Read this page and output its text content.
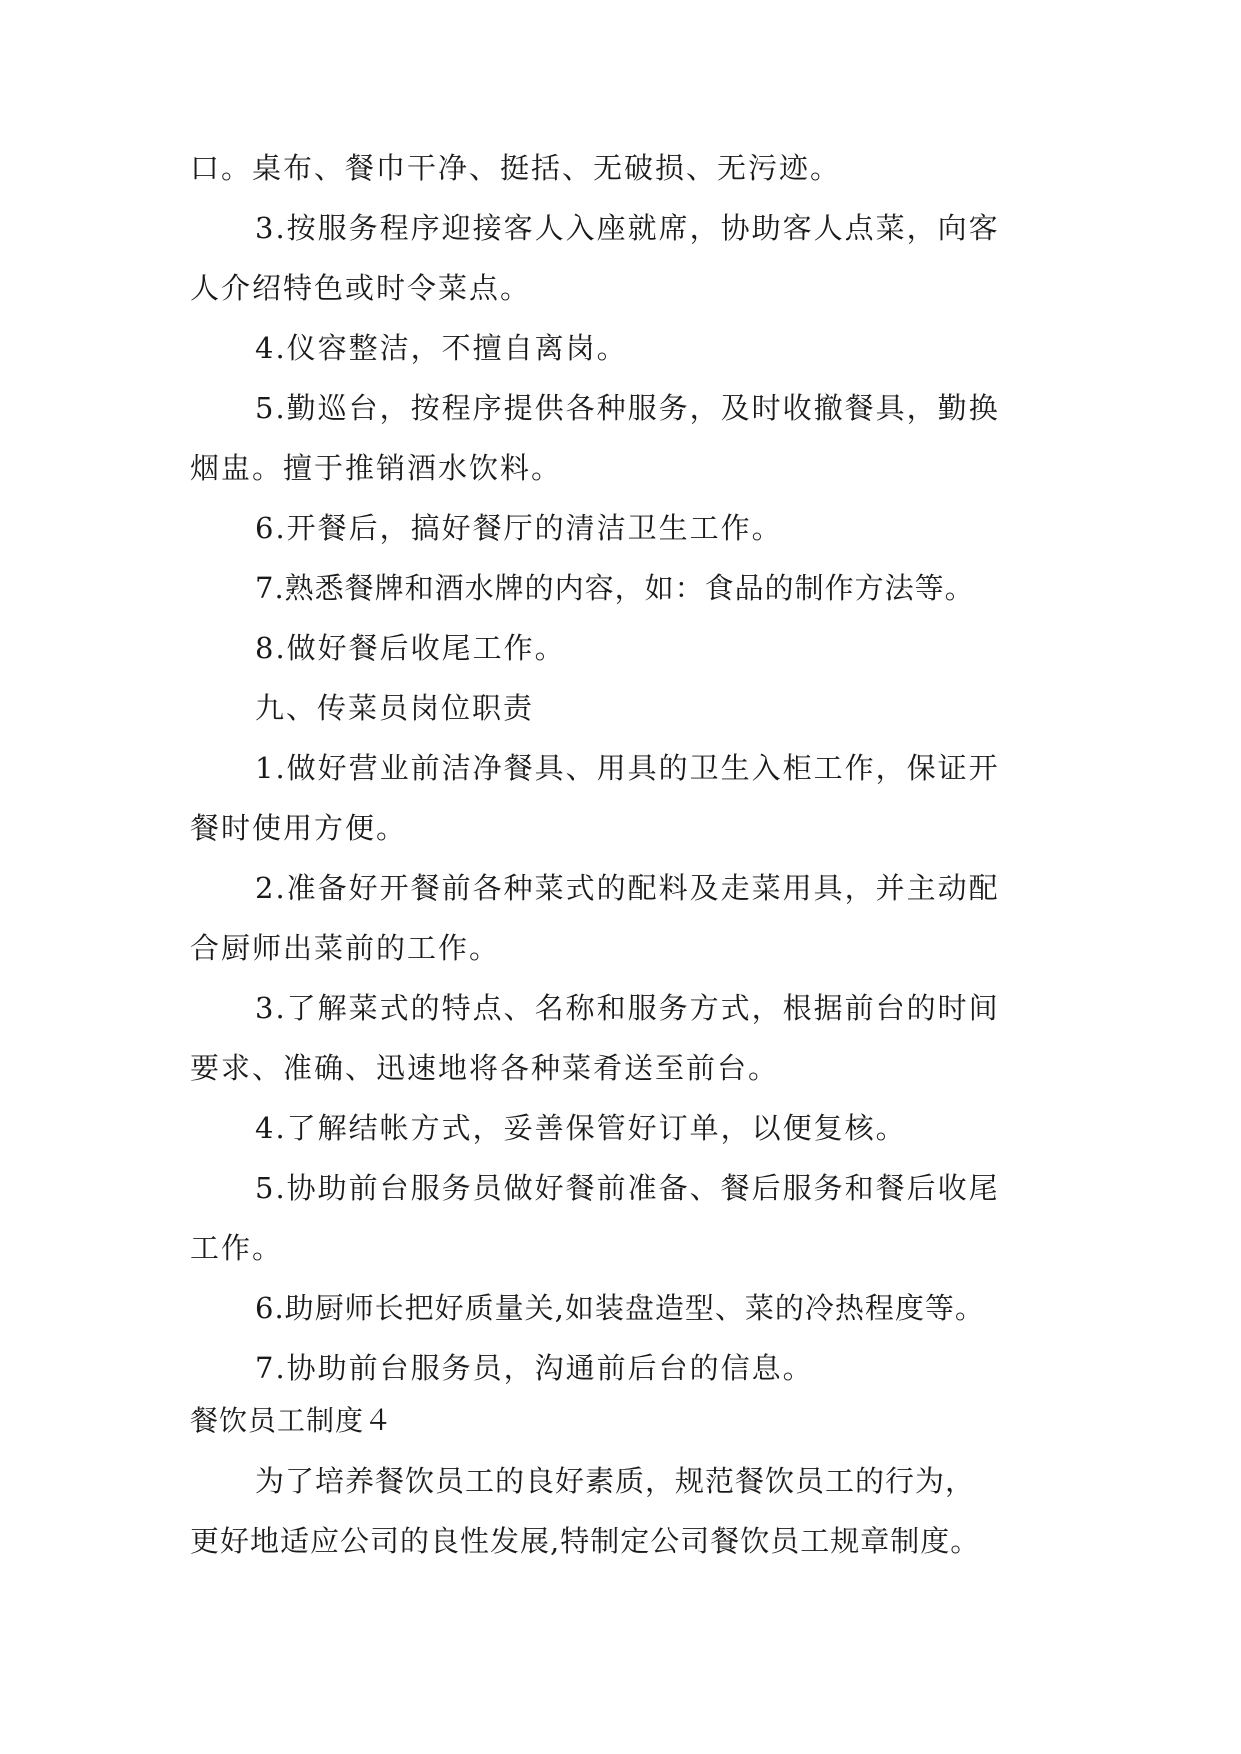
口。桌布、餐巾干净、挺括、无破损、无污迹。
3.按服务程序迎接客人入座就席，协助客人点菜，向客
人介绍特色或时令菜点。
4.仪容整洁，不擅自离岗。
5.勤巡台，按程序提供各种服务，及时收撤餐具，勤换
烟盅。擅于推销酒水饮料。
6.开餐后，搞好餐厅的清洁卫生工作。
7.熟悉餐牌和酒水牌的内容，如：食品的制作方法等。
8.做好餐后收尾工作。
九、传菜员岗位职责
1.做好营业前洁净餐具、用具的卫生入柜工作，保证开
餐时使用方便。
2.准备好开餐前各种菜式的配料及走菜用具，并主动配
合厨师出菜前的工作。
3.了解菜式的特点、名称和服务方式，根据前台的时间
要求、准确、迅速地将各种菜肴送至前台。
4.了解结帐方式，妥善保管好订单，以便复核。
5.协助前台服务员做好餐前准备、餐后服务和餐后收尾
工作。
6.助厨师长把好质量关,如装盘造型、菜的冷热程度等。
7.协助前台服务员，沟通前后台的信息。
餐饮员工制度４
为了培养餐饮员工的良好素质，规范餐饮员工的行为，
更好地适应公司的良性发展,特制定公司餐饮员工规章制度。
